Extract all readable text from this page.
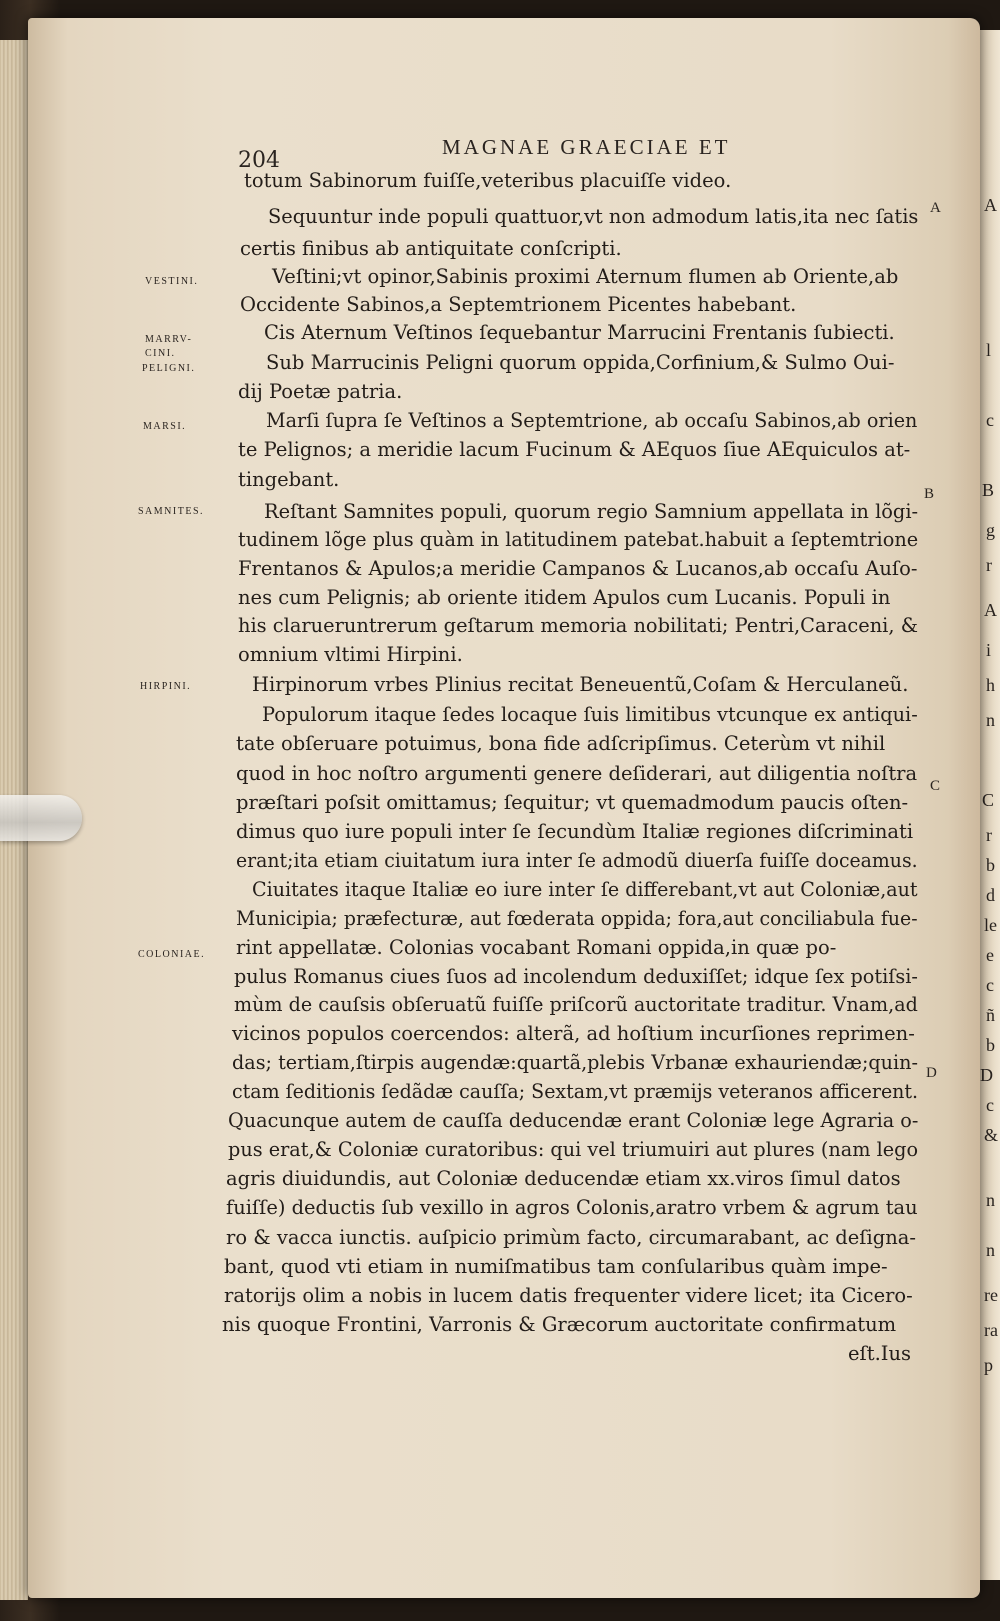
A
l
c
B
g
r
A
i
h
n
C
r
b
d
le
e
c
ñ
b
D
c
&
n
n
re
ra
p
MAGNAE GRAECIAE ET
204
A
B
C
D
VESTINI.
MARRV-CINI.
PELIGNI.
MARSI.
SAMNITES.
HIRPINI.
COLONIAE.
totum Sabinorum fuiſſe,veteribus placuiſſe video.
Sequuntur inde populi quattuor,vt non admodum latis,ita nec ſatis
certis finibus ab antiquitate conſcripti.
Veſtini;vt opinor,Sabinis proximi Aternum flumen ab Oriente,ab
Occidente Sabinos,a Septemtrionem Picentes habebant.
Cis Aternum Veſtinos ſequebantur Marrucini Frentanis ſubiecti.
Sub Marrucinis Peligni quorum oppida,Corfinium,& Sulmo Oui-
dij Poetæ patria.
Marſi ſupra ſe Veſtinos a Septemtrione, ab occaſu Sabinos,ab orien
te Pelignos; a meridie lacum Fucinum & AEquos ſiue AEquiculos at-
tingebant.
Reſtant Samnites populi, quorum regio Samnium appellata in lõgi-
tudinem lõge plus quàm in latitudinem patebat.habuit a ſeptemtrione
Frentanos & Apulos;a meridie Campanos & Lucanos,ab occaſu Auſo-
nes cum Pelignis; ab oriente itidem Apulos cum Lucanis. Populi in
his clarueruntrerum geſtarum memoria nobilitati; Pentri,Caraceni, &
omnium vltimi Hirpini.
Hirpinorum vrbes Plinius recitat Beneuentũ,Coſam & Herculaneũ.
Populorum itaque ſedes locaque ſuis limitibus vtcunque ex antiqui-
tate obſeruare potuimus, bona fide adſcripſimus. Ceterùm vt nihil
quod in hoc noſtro argumenti genere deſiderari, aut diligentia noſtra
præſtari poſsit omittamus; ſequitur; vt quemadmodum paucis oſten-
dimus quo iure populi inter ſe ſecundùm Italiæ regiones diſcriminati
erant;ita etiam ciuitatum iura inter ſe admodũ diuerſa fuiſſe doceamus.
Ciuitates itaque Italiæ eo iure inter ſe differebant,vt aut Coloniæ,aut
Municipia; præfecturæ, aut fœderata oppida; fora,aut conciliabula fue-
rint appellatæ. Colonias vocabant Romani oppida,in quæ po-
pulus Romanus ciues ſuos ad incolendum deduxiſſet; idque ſex potiſsi-
mùm de cauſsis obſeruatũ fuiſſe priſcorũ auctoritate traditur. Vnam,ad
vicinos populos coercendos: alterã, ad hoſtium incurſiones reprimen-
das; tertiam,ſtirpis augendæ:quartã,plebis Vrbanæ exhauriendæ;quin-
ctam ſeditionis ſedãdæ cauſſa; Sextam,vt præmijs veteranos afficerent.
Quacunque autem de cauſſa deducendæ erant Coloniæ lege Agraria o-
pus erat,& Coloniæ curatoribus: qui vel triumuiri aut plures (nam lego
agris diuidundis, aut Coloniæ deducendæ etiam xx.viros ſimul datos
fuiſſe) deductis ſub vexillo in agros Colonis,aratro vrbem & agrum tau
ro & vacca iunctis. auſpicio primùm facto, circumarabant, ac deſigna-
bant, quod vti etiam in numiſmatibus tam conſularibus quàm impe-
ratorijs olim a nobis in lucem datis frequenter videre licet; ita Cicero-
nis quoque Frontini, Varronis & Græcorum auctoritate confirmatum
eſt.Ius
